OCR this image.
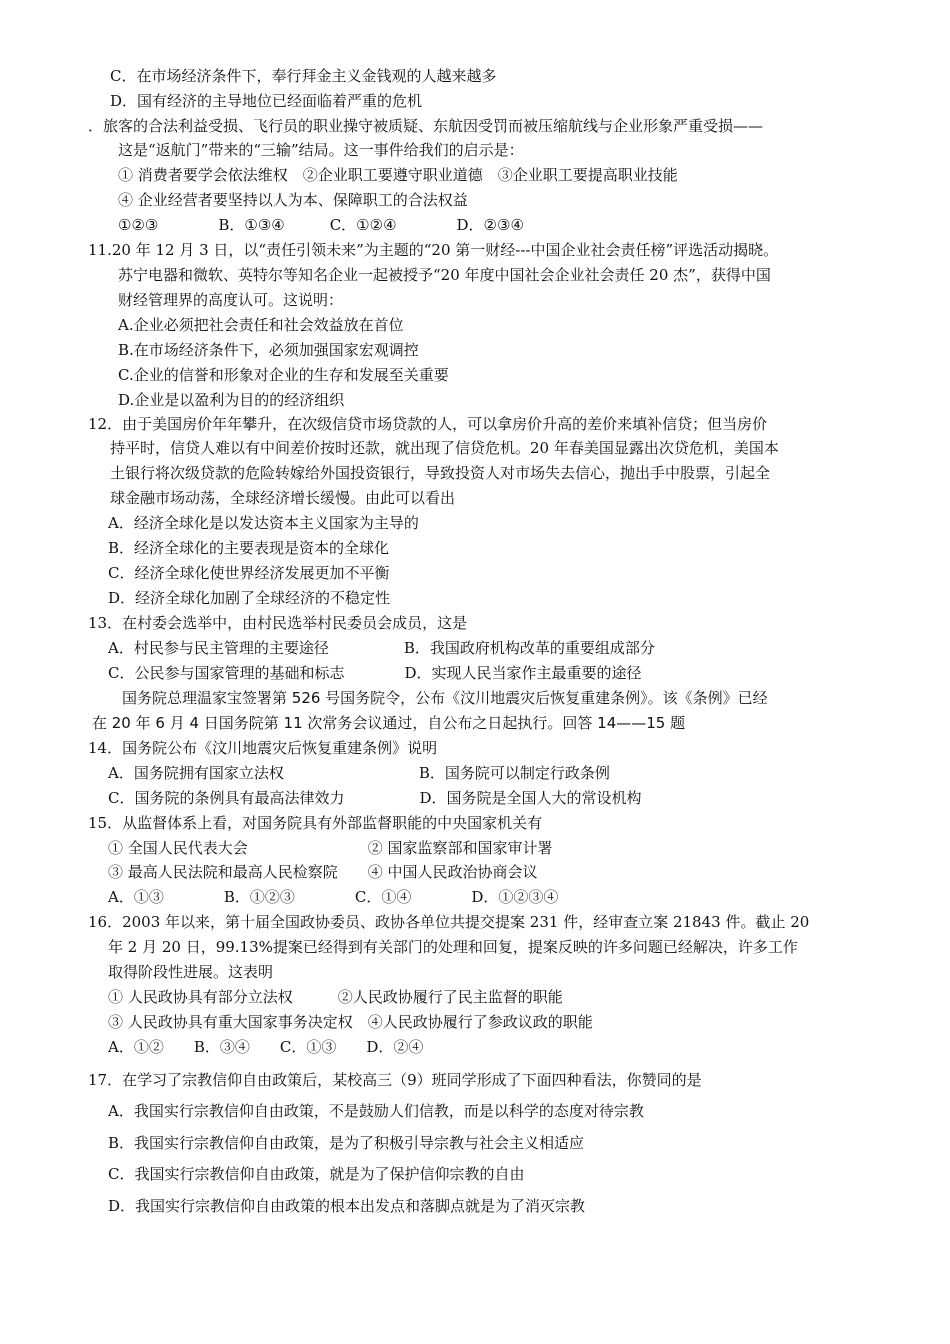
C．在市场经济条件下，奉行拜金主义金钱观的人越来越多
D．国有经济的主导地位已经面临着严重的危机
．旅客的合法利益受损、飞行员的职业操守被质疑、东航因受罚而被压缩航线与企业形象严重受损——
这是“返航门”带来的“三输”结局。这一事件给我们的启示是：
① 消费者要学会依法维权　②企业职工要遵守职业道德　③企业职工要提高职业技能
④ 企业经营者要坚持以人为本、保障职工的合法权益
①②③　　　　B．①③④　　　C．①②④　　　　D．②③④
11.20 年 12 月 3 日，以“责任引领未来”为主题的“20 第一财经---中国企业社会责任榜”评选活动揭晓。
苏宁电器和微软、英特尔等知名企业一起被授予“20 年度中国社会企业社会责任 20 杰”，获得中国
财经管理界的高度认可。这说明：
A.企业必须把社会责任和社会效益放在首位
B.在市场经济条件下，必须加强国家宏观调控
C.企业的信誉和形象对企业的生存和发展至关重要
D.企业是以盈利为目的的经济组织
12．由于美国房价年年攀升，在次级信贷市场贷款的人，可以拿房价升高的差价来填补信贷；但当房价
持平时，信贷人难以有中间差价按时还款，就出现了信贷危机。20 年春美国显露出次贷危机，美国本
土银行将次级贷款的危险转嫁给外国投资银行，导致投资人对市场失去信心，抛出手中股票，引起全
球金融市场动荡，全球经济增长缓慢。由此可以看出
A．经济全球化是以发达资本主义国家为主导的
B．经济全球化的主要表现是资本的全球化
C．经济全球化使世界经济发展更加不平衡
D．经济全球化加剧了全球经济的不稳定性
13．在村委会选举中，由村民选举村民委员会成员，这是
A．村民参与民主管理的主要途径　　　　　B．我国政府机构改革的重要组成部分
C．公民参与国家管理的基础和标志　　　　D．实现人民当家作主最重要的途径
国务院总理温家宝签署第 526 号国务院令，公布《汶川地震灾后恢复重建条例》。该《条例》已经
在 20 年 6 月 4 日国务院第 11 次常务会议通过，自公布之日起执行。回答 14——15 题
14．国务院公布《汶川地震灾后恢复重建条例》说明
A．国务院拥有国家立法权　　　　　　　　　B．国务院可以制定行政条例
C．国务院的条例具有最高法律效力　　　　　D．国务院是全国人大的常设机构
15．从监督体系上看，对国务院具有外部监督职能的中央国家机关有
① 全国人民代表大会　　　　　　　　② 国家监察部和国家审计署
③ 最高人民法院和最高人民检察院　　④ 中国人民政治协商会议
A．①③　　　　B．①②③　　　　C．①④　　　　D．①②③④
16．2003 年以来，第十届全国政协委员、政协各单位共提交提案 231 件，经审查立案 21843 件。截止 20
年 2 月 20 日，99.13%提案已经得到有关部门的处理和回复，提案反映的许多问题已经解决，许多工作
取得阶段性进展。这表明
① 人民政协具有部分立法权　　　②人民政协履行了民主监督的职能
③ 人民政协具有重大国家事务决定权　④人民政协履行了参政议政的职能
A．①②　　B．③④　　C．①③　　D．②④
17．在学习了宗教信仰自由政策后，某校高三（9）班同学形成了下面四种看法，你赞同的是
A．我国实行宗教信仰自由政策，不是鼓励人们信教，而是以科学的态度对待宗教
B．我国实行宗教信仰自由政策，是为了积极引导宗教与社会主义相适应
C．我国实行宗教信仰自由政策，就是为了保护信仰宗教的自由
D．我国实行宗教信仰自由政策的根本出发点和落脚点就是为了消灭宗教
